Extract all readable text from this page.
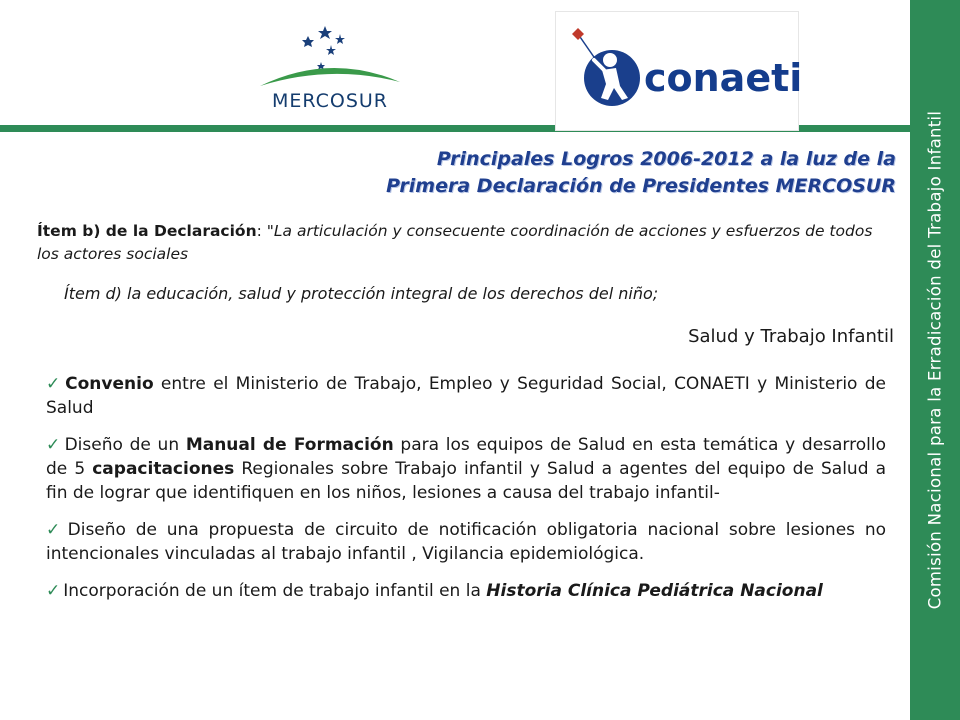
Comisión Nacional para la Erradicación del Trabajo Infantil
MERCOSUR
conaeti
Principales Logros 2006-2012 a la luz de la
Primera Declaración de Presidentes MERCOSUR
Ítem b) de la Declaración: "La articulación y consecuente coordinación de acciones y esfuerzos de todos los actores sociales
Ítem d) la educación, salud y protección integral de los derechos del niño;
Salud y Trabajo Infantil
✓ Convenio entre el Ministerio de Trabajo, Empleo y Seguridad Social, CONAETI y Ministerio de Salud
✓ Diseño de un Manual de Formación para los equipos de Salud en esta temática y desarrollo de 5 capacitaciones Regionales sobre Trabajo infantil y Salud a agentes del equipo de Salud a fin de lograr que identifiquen en los niños, lesiones a causa del trabajo infantil-
✓ Diseño de una propuesta de circuito de notificación obligatoria nacional sobre lesiones no intencionales vinculadas al trabajo infantil , Vigilancia epidemiológica.
✓ Incorporación de un ítem de trabajo infantil en la Historia Clínica Pediátrica Nacional
